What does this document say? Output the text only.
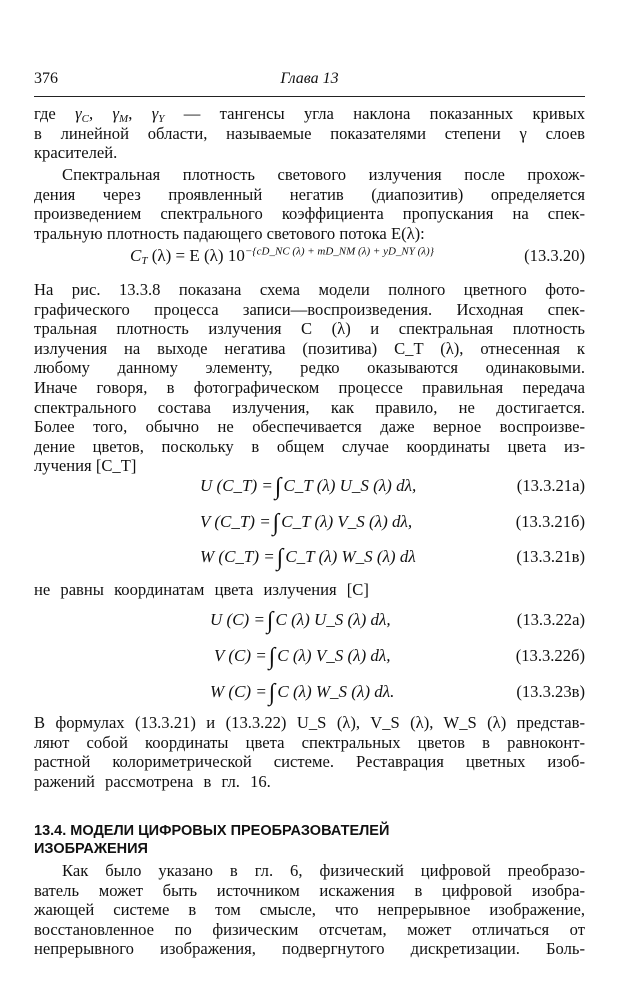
376	Глава 13

где $\gamma_C$, $\gamma_M$, $\gamma_Y$ — тангенсы угла наклона показанных кривых
в линейной области, называемые показателями степени γ слоев
красителей.

Спектральная плотность светового излучения после прохож-
дения через проявленный негатив (диапозитив) определяется
произведением спектрального коэффициента пропускания на спек-
тральную плотность падающего светового потока E(λ):

$C_T$ (λ) = E (λ) $10^{-\{cD\_NC (\lambda) + mD\_NM (\lambda) + yD\_NY (\lambda)\}}$	(13.3.20)

На рис. 13.3.8 показана схема модели полного цветного фото-
графического процесса записи—воспроизведения. Исходная спек-
тральная плотность излучения C (λ) и спектральная плотность
излучения на выходе негатива (позитива) C_T (λ), отнесенная к
любому данному элементу, редко оказываются одинаковыми.
Иначе говоря, в фотографическом процессе правильная передача
спектрального состава излучения, как правило, не достигается.
Более того, обычно не обеспечивается даже верное воспроизве-
дение цветов, поскольку в общем случае координаты цвета из-
лучения [C_T]

U (C_T) =∫ C_T (λ) U_S (λ) dλ,	(13.3.21а)
V (C_T) =∫ C_T (λ) V_S (λ) dλ,	(13.3.21б)
W (C_T) =∫ C_T (λ) W_S (λ) dλ	(13.3.21в)

не равны координатам цвета излучения [C]

U (C) =∫ C (λ) U_S (λ) dλ,	(13.3.22а)
V (C) =∫ C (λ) V_S (λ) dλ,	(13.3.22б)
W (C) =∫ C (λ) W_S (λ) dλ.	(13.3.23в)

В формулах (13.3.21) и (13.3.22) U_S (λ), V_S (λ), W_S (λ) представ-
ляют собой координаты цвета спектральных цветов в равноконт-
растной колориметрической системе. Реставрация цветных изоб-
ражений рассмотрена в гл. 16.

13.4. МОДЕЛИ ЦИФРОВЫХ ПРЕОБРАЗОВАТЕЛЕЙ
ИЗОБРАЖЕНИЯ

Как было указано в гл. 6, физический цифровой преобразо-
ватель может быть источником искажения в цифровой изобра-
жающей системе в том смысле, что непрерывное изображение,
восстановленное по физическим отсчетам, может отличаться от
непрерывного изображения, подвергнутого дискретизации. Боль-
